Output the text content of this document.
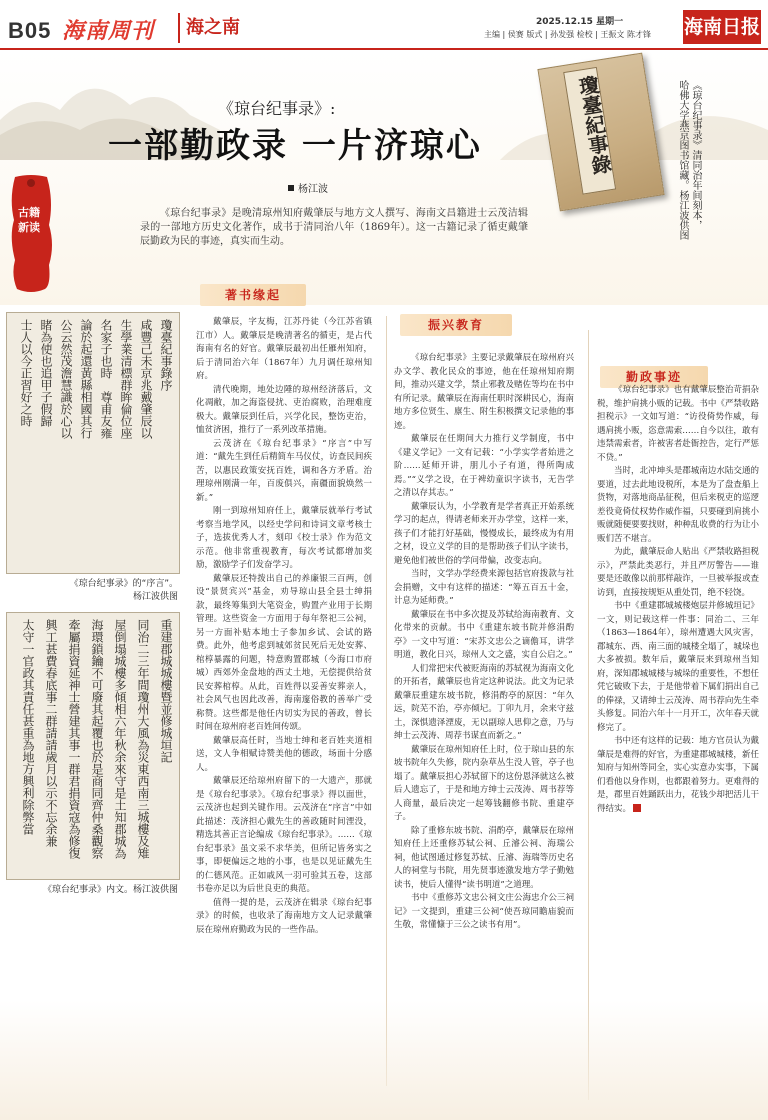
B05 海南周刊	海之南	2025.12.15 星期一
主编 | 侯赛 版式 | 孙发强 检校 | 王振文 陈才锋 海南日报
古籍新读
《琼台纪事录》:
一部勤政录 一片济琼心
杨江波
《琼台纪事录》是晚清琼州知府戴肇辰与地方文人撰写、海南文昌籍进士云茂洁辑录的一部地方历史文化著作，成书于清同治八年（1869年）。这一古籍记录了循吏戴肇辰勤政为民的事迹，真实而生动。
瓊臺紀事錄	《琼台纪事录》清同治年间刻本，
哈佛大学燕京图书馆藏。杨江波供图
瓊臺紀事錄序
咸豐己未京兆戴肇辰以
生學業清標群眸倫位座
名家子也時　尊甫友雍
論於起還黃縣相國其行
公云然茂澹慧識於心以
睹為使也追甲子假歸　
士人以今正習好之時
《琼台纪事录》的“序言”。
杨江波供图
重建郡城城樓暨並修城垣記
同治二三年間瓊州大風為災東西南三城樓及雉
屋倒塌城樓多傾相六年秋余來守是土知郡城為
海環鎖鑰不可廢其起覆也於是商同齊仲桑觀察
牽屬捐資延神士營建其事一群君捐資寇為修復
興工甚費春底事二群請請歲月以示不忘余兼
太守一官政其責任甚重為地方興利除弊當
《琼台纪事录》内文。杨江波供图
著书缘起
振兴教育
勤政事迹

戴肇辰，字友梅，江苏丹徒（今江苏省镇江市）人。戴肇辰是晚清著名的循吏，是占代海南有名的好官。戴肇辰最初出任雁州知府，后于清同治六年（1867年）九月调任琼州知府。

清代晚期，地处边陲的琼州经济落后，文化凋敝，加之海盗侵扰、吏治腐败，治理难度极大。戴肇辰到任后，兴学化民，整饬吏治，恤贫济困，推行了一系列改革措施。

云茂济在《琼台纪事录》“序言”中写道：“戴先生到任后精简车马仪仗，访查民间疾苦，以惠民政策安抚百姓，调和各方矛盾。治理琼州刚满一年，百废俱兴，南疆面貌焕然一新。”

刚一到琼州知府任上，戴肇辰就举行考试考察当地学风，以经史学问和诗词文章考核士子，选拔优秀人才，刻印《校士录》作为范文示范。他非常重视教育，每次考试都增加奖励，激励学子们发奋学习。

戴肇辰还特拨出自己的养廉银三百两，创设“景贤宾兴”基金，劝导琼山县全县士绅捐款，最终筹集到大笔资金，购置产业用于长期管理。这些资金一方面用于每年祭祀三公祠，另一方面补贴本地士子参加乡试、会试的路费。此外，他考虑到城郊贫民死后无处安葬、棺椁暴露的问题，特意购置郡城（今海口市府城）西郊外金盘地的西丈土地，无偿提供给贫民安葬棺椁。从此，百姓得以妥善安葬亲人，社会风气也因此改善，海南邃俗教的善举广受称赞。这些都是他任内切实为民的善政，曾长时间在琼州府老百姓间传颂。

戴肇辰高任时，当地士绅和老百姓夹道相送，文人争相赋诗赞美他的德政，场面十分感人。

戴肇辰还给琼州府留下的一大遗产，那就是《琼台纪事录》。《琼台纪事录》得以面世，云茂济也起到关键作用。云茂济在“序言”中如此描述：茂济担心戴先生的善政随时间湮没，精选其善正言论编成《琼台纪事录》。……《琼台纪事录》虽文采不求华美，但所记皆务实之事，即便偏远之地的小事，也是以见证戴先生的仁德风范。正如戚风一羽可验其五卷，这部书卷亦足以为后世良吏的典范。

值得一提的是，云茂济在辑录《琼台纪事录》的时候，也收录了海南地方文人记录戴肇辰在琼州府勤政为民的一些作品。

《琼台纪事录》主要记录戴肇辰在琼州府兴办文学、教化民众的事迹，他在任琼州知府期间，推动兴建文学，禁止邪教及赌佐等均在书中有所记录。戴肇辰在海南任职时深耕民心，海南地方多位贤生、廪生、附生积极撰文记录他的事迹。

戴肇辰在任期间大力推行义学制度，书中《建义学记》一文有记载：“小学实学者始进之阶……延师开讲，朋儿小子有道，得所陶成焉。”“义学之设，在于裨幼童识字读书，无告学之清以存其志。”

戴肇辰认为，小学教育是学者真正开始系统学习的起点，得请老师来开办学堂，这样一来，孩子们才能打好基础，慢慢成长，最终成为有用之材，设立义学的目的是帮助孩子们认字读书，避免他们被世俗的学问带偏，改变志向。

当时，文学办学经费来源包括官府拨款与社会捐赠，文中有这样的描述：“筹五百五十金，计息为延师费。”

戴肇辰在书中多次提及苏轼给海南教育、文化带来的贡献。书中《重建东坡书院并修涓酌亭》一文中写道：“宋苏文忠公之谪儋耳，讲学明道，教化日兴，琼州人文之盛，实自公启之。”

人们常把宋代被贬海南的苏轼视为海南文化的开拓者，戴肇辰也肯定这种说法。此文为记录戴肇辰重建东坡书院，修涓酌亭的原因：“年久远，院芜不治，亭亦倾圮。丁卯九月，余来守兹土，深惧遗泽湮废，无以副琼人思仰之意，乃与绅士云茂涛、周荐书谋直而新之。”

戴肇辰在琼州知府任上时，位于琼山县的东坡书院年久失修，院内杂草丛生没人管，亭子也塌了。戴肇辰担心苏轼留下的这份恩泽就这么被后人遗忘了，于是和地方绅士云茂涛、周书荐等人商量，最后决定一起筹钱翻修书院、重建亭子。

除了重修东坡书院、涓酌亭，戴肇辰在琼州知府任上还重修苏轼公祠、丘濬公祠、海瑞公祠，他试图通过修复苏轼、丘濬、海瑞等历史名人的祠堂与书院，用先贤事迹激发地方学子勤勉读书，使后人懂得“读书明道”之道理。

书中《重修苏文忠公祠文庄公海忠介公三祠记》一文提到，重建三公祠“使吾琼同瞻庙貌而生敬，常懂慷于三公之读书有用”。

《琼台纪事录》也有戴肇辰整治苛捐杂税，维护肩挑小贩的记载。书中《严禁收路担税示》一文如写道：“访役倚势作威，每遇肩挑小贩，恣意需索……自今以往，敢有违禁需索者，许被害者赴衙控告，定行严惩不贷。”

当时，北冲坤头是郡城南边水陆交通的要道，过去此地设税所，本是为了盘查船上货物，对落地商品征税，但后来税吏的巡逻差役竟倚仗权势作威作福，只要碰到肩挑小贩就随便要要找财，种种乱收费的行为让小贩们苦不堪言。

为此，戴肇辰命人贴出《严禁收路担税示》，严禁此类恶行，并且严厉警告——谁要是还敢像以前那样敲诈，一旦被举报或查访到，直接按规矩从重处罚，绝不轻饶。

书中《重建郡城城楼炮层并修城垣记》一文，则记载这样一件事：同治二、三年（1863—1864年），琼州遭遇大风灾害，郡城东、西、南三面的城楼全塌了，城垛也大多被损。数年后，戴肇辰来到琼州当知府，深知郡城城楼与城垛的重要性，不想任凭它破败下去，于是他带着下属们捐出自己的俸禄，又请绅士云茂涛、周书荐向先生牵头修复。同治六年十一月开工，次年春天就修完了。

书中还有这样的记载：地方官员认为戴肇辰是难得的好官，为重建郡城城楼，新任知府与知州等同全，实心实意办实事，下属们看他以身作则，也都跟着努力。更难得的是，郡里百姓踊跃出力，花钱少却把活儿干得结实。
